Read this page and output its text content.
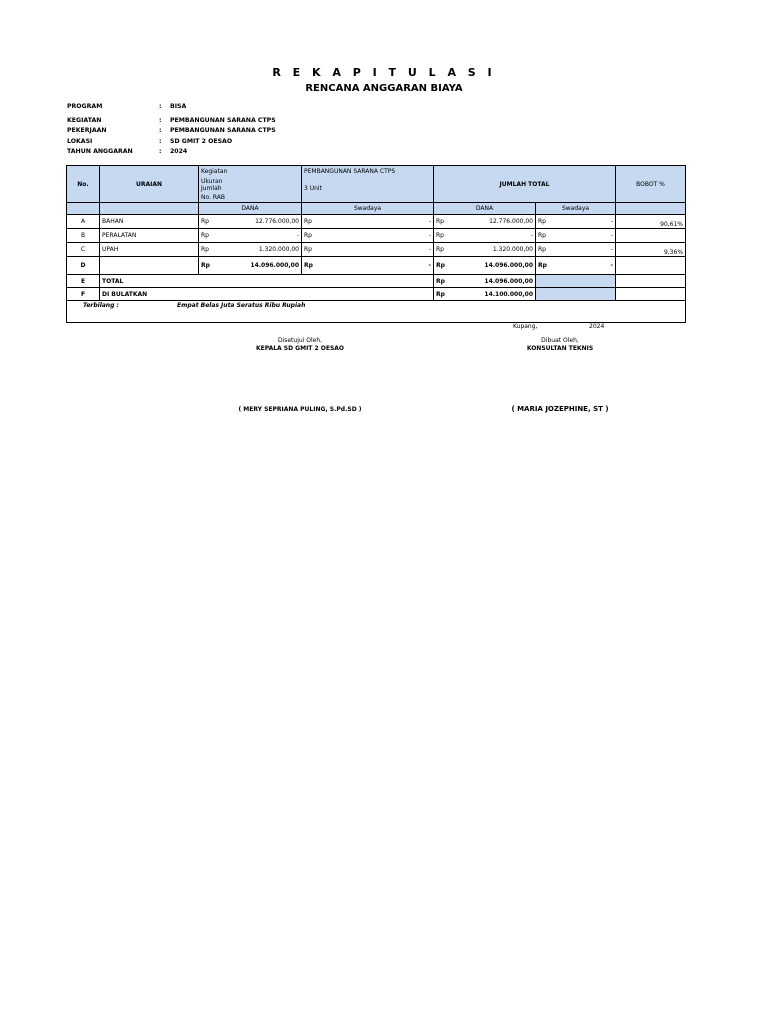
R E K A P I T U L A S I
RENCANA ANGGARAN BIAYA
PROGRAM	: BISA
KEGIATAN	: PEMBANGUNAN SARANA CTPS
PEKERJAAN	: PEMBANGUNAN SARANA CTPS
LOKASI	: SD GMIT 2 OESAO
TAHUN ANGGARAN	: 2024
No.	URAIAN	Kegiatan	PEMBANGUNAN SARANA CTPS	JUMLAH TOTAL		BOBOT %
		Ukuran				
		Jumlah	3 Unit			
		No. RAB				
		DANA	Swadaya	DANA	Swadaya	
A	BAHAN	Rp 12.776.000,00	Rp -	Rp 12.776.000,00	Rp -	90,61%
B	PERALATAN	Rp -	Rp -	Rp -	Rp -	

C	UPAH	Rp 1.320.000,00	Rp -	Rp 1.320.000,00	Rp -	9,36%
D		Rp 14.096.000,00	Rp -	Rp 14.096.000,00	Rp -	

E	TOTAL			Rp 14.096.000,00		

F	DI BULATKAN			Rp 14.100.000,00		

Terbilang : Empat Belas Juta Seratus Ribu Rupiah						
Kupang,	2024
Disetujui Oleh,
KEPALA SD GMIT 2 OESAO
( MERY SEPRIANA PULING, S.Pd.SD )
Dibuat Oleh,
KONSULTAN TEKNIS
( MARIA JOZEPHINE, ST )
